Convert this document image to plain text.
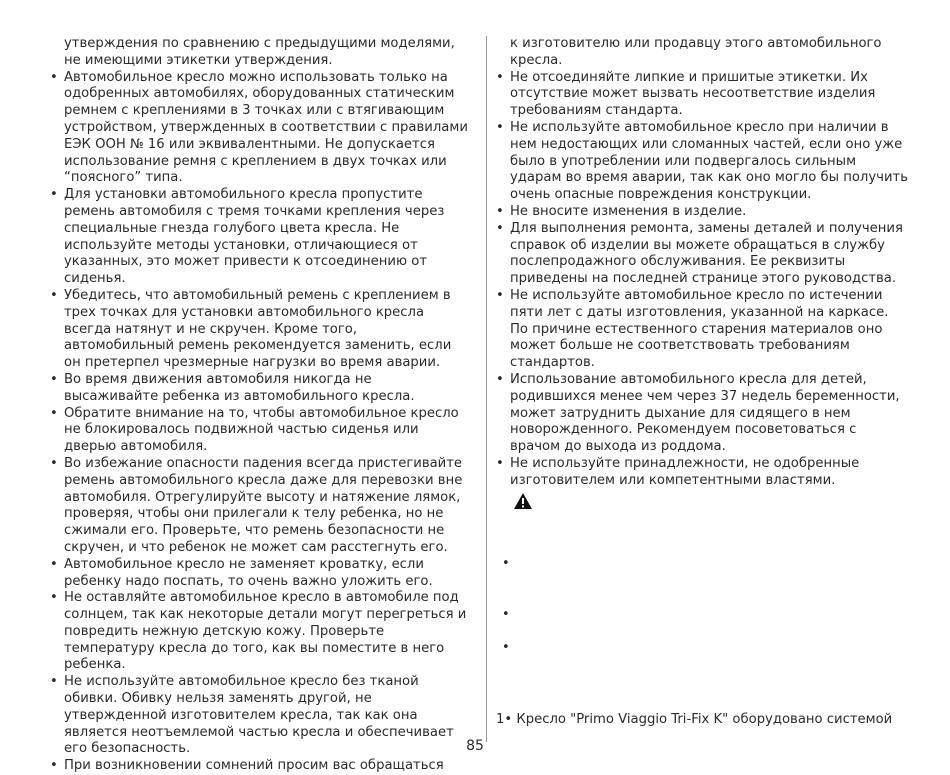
утверждения по сравнению с предыдущими моделями, не имеющими этикетки утверждения.
• Автомобильное кресло можно использовать только на одобренных автомобилях, оборудованных статическим ремнем с креплениями в 3 точках или с втягивающим устройством, утвержденных в соответствии с правилами ЕЭК ООН № 16 или эквивалентными. Не допускается использование ремня с креплением в двух точках или “поясного” типа.
• Для установки автомобильного кресла пропустите ремень автомобиля с тремя точками крепления через специальные гнезда голубого цвета кресла. Не используйте методы установки, отличающиеся от указанных, это может привести к отсоединению от сиденья.
• Убедитесь, что автомобильный ремень с креплением в трех точках для установки автомобильного кресла всегда натянут и не скручен. Кроме того, автомобильный ремень рекомендуется заменить, если он претерпел чрезмерные нагрузки во время аварии.
• Во время движения автомобиля никогда не высаживайте ребенка из автомобильного кресла.
• Обратите внимание на то, чтобы автомобильное кресло не блокировалось подвижной частью сиденья или дверью автомобиля.
• Во избежание опасности падения всегда пристегивайте ремень автомобильного кресла даже для перевозки вне автомобиля. Отрегулируйте высоту и натяжение лямок, проверяя, чтобы они прилегали к телу ребенка, но не сжимали его. Проверьте, что ремень безопасности не скручен, и что ребенок не может сам расстегнуть его.
• Автомобильное кресло не заменяет кроватку, если ребенку надо поспать, то очень важно уложить его.
• Не оставляйте автомобильное кресло в автомобиле под солнцем, так как некоторые детали могут перегреться и повредить нежную детскую кожу. Проверьте температуру кресла до того, как вы поместите в него ребенка.
• Не используйте автомобильное кресло без тканой обивки. Обивку нельзя заменять другой, не утвержденной изготовителем кресла, так как она является неотъемлемой частью кресла и обеспечивает его безопасность.
• При возникновении сомнений просим вас обращаться
к изготовителю или продавцу этого автомобильного кресла.
• Не отсоединяйте липкие и пришитые этикетки. Их отсутствие может вызвать несоответствие изделия требованиям стандарта.
• Не используйте автомобильное кресло при наличии в нем недостающих или сломанных частей, если оно уже было в употреблении или подвергалось сильным ударам во время аварии, так как оно могло бы получить очень опасные повреждения конструкции.
• Не вносите изменения в изделие.
• Для выполнения ремонта, замены деталей и получения справок об изделии вы можете обращаться в службу послепродажного обслуживания. Ее реквизиты приведены на последней странице этого руководства.
• Не используйте автомобильное кресло по истечении пяти лет с даты изготовления, указанной на каркасе. По причине естественного старения материалов оно может больше не соответствовать требованиям стандартов.
• Использование автомобильного кресла для детей, родившихся менее чем через 37 недель беременности, может затруднить дыхание для сидящего в нем новорожденного. Рекомендуем посоветоваться с врачом до выхода из роддома.
• Не используйте принадлежности, не одобренные изготовителем или компетентными властями.
•
•
•
1• Кресло "Primo Viaggio Tri-Fix K" оборудовано системой
85
